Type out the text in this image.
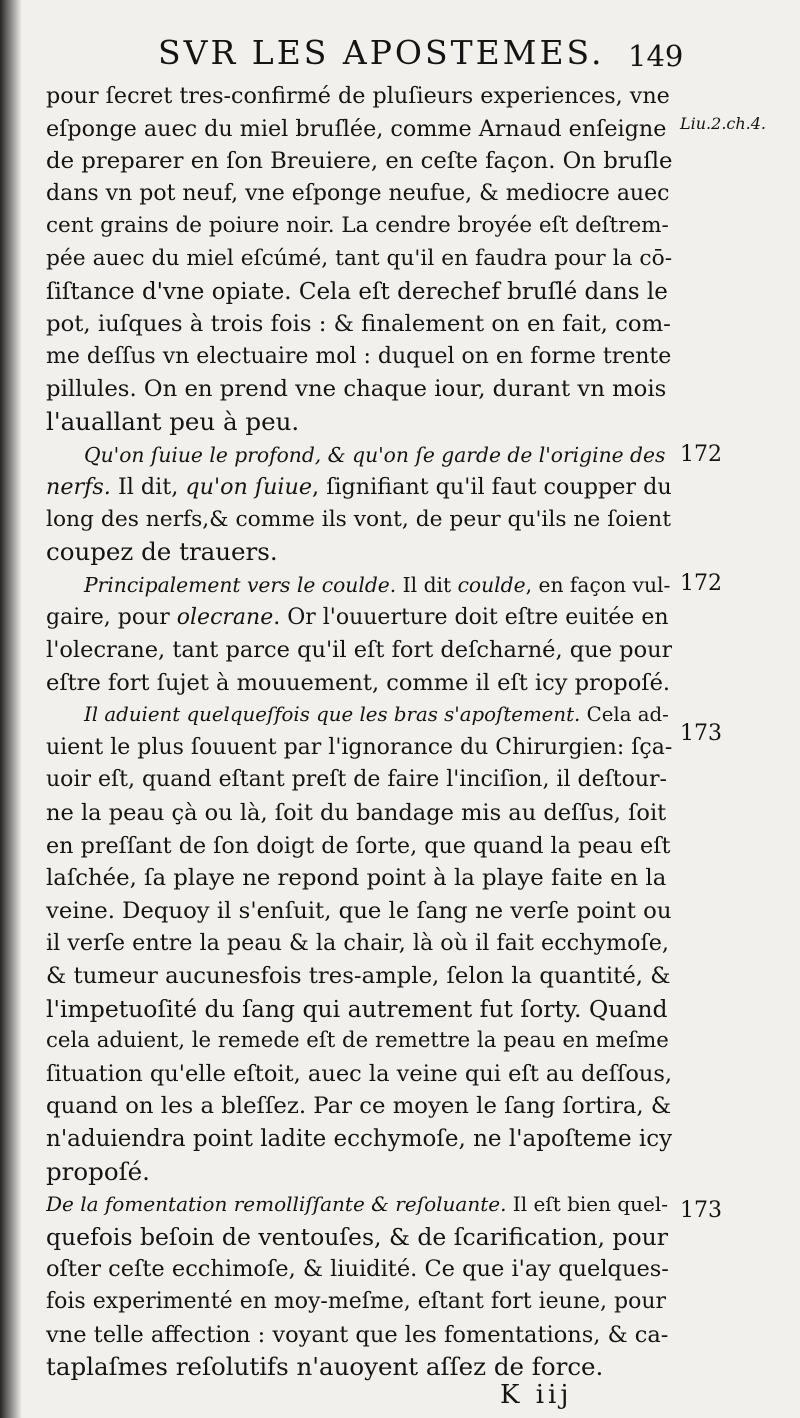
SVR LES APOSTEMES. 149
pour ſecret tres-confirmé de pluſieurs experiences, vne
eſponge auec du miel bruſlée, comme Arnaud enſeigne
de preparer en ſon Breuiere, en ceſte façon. On bruſle
dans vn pot neuf, vne eſponge neufue, & mediocre auec
cent grains de poiure noir. La cendre broyée eſt deſtrem-
pée auec du miel eſcúmé, tant qu'il en faudra pour la cō-
ſiſtance d'vne opiate. Cela eſt derechef bruſlé dans le
pot, iuſques à trois fois : & finalement on en fait, com-
me deſſus vn electuaire mol : duquel on en forme trente
pillules. On en prend vne chaque iour, durant vn mois
l'auallant peu à peu.
Qu'on ſuiue le profond, & qu'on ſe garde de l'origine des
nerfs. Il dit, qu'on ſuiue, ſignifiant qu'il faut coupper du
long des nerfs,& comme ils vont, de peur qu'ils ne ſoient
coupez de trauers.
Principalement vers le coulde. Il dit coulde, en façon vul-
gaire, pour olecrane. Or l'ouuerture doit eſtre euitée en
l'olecrane, tant parce qu'il eſt fort deſcharné, que pour
eſtre fort ſujet à mouuement, comme il eſt icy propoſé.
Il aduient quelqueſfois que les bras s'apoſtement. Cela ad-
uient le plus ſouuent par l'ignorance du Chirurgien: ſça-
uoir eſt, quand eſtant preſt de faire l'inciſion, il deſtour-
ne la peau çà ou là, ſoit du bandage mis au deſſus, ſoit
en preſſant de ſon doigt de ſorte, que quand la peau eſt
laſchée, ſa playe ne repond point à la playe faite en la
veine. Dequoy il s'enſuit, que le ſang ne verſe point ou
il verſe entre la peau & la chair, là où il fait ecchymoſe,
& tumeur aucunesfois tres-ample, ſelon la quantité, &
l'impetuoſité du ſang qui autrement fut ſorty. Quand
cela aduient, le remede eſt de remettre la peau en meſme
ſituation qu'elle eſtoit, auec la veine qui eſt au deſſous,
quand on les a bleſſez. Par ce moyen le ſang ſortira, &
n'aduiendra point ladite ecchymoſe, ne l'apoſteme icy
propoſé.
De la fomentation remolliſſante & reſoluante. Il eſt bien quel-
quefois beſoin de ventouſes, & de ſcarification, pour
oſter ceſte ecchimoſe, & liuidité. Ce que i'ay quelques-
fois experimenté en moy-meſme, eſtant fort ieune, pour
vne telle affection : voyant que les fomentations, & ca-
taplaſmes reſolutifs n'auoyent aſſez de force.
Liu.2.ch.4.
172
172
173
173
K iij
